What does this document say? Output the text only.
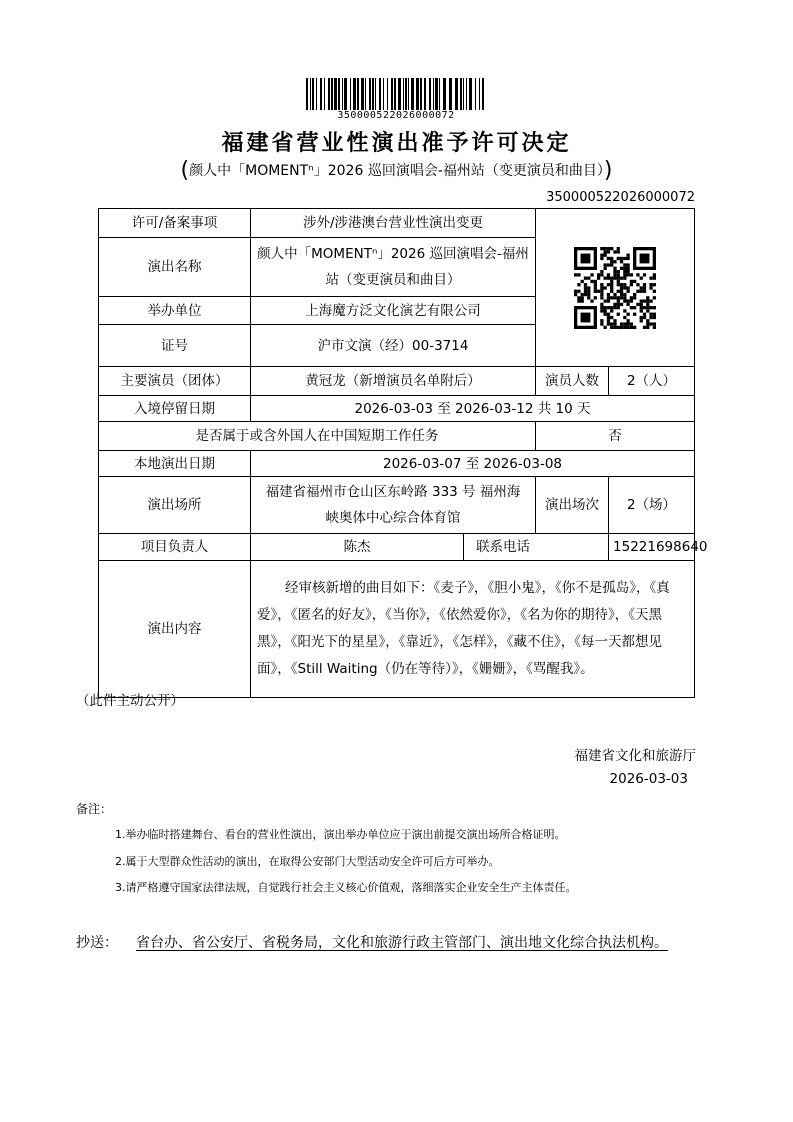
350000522026000072
福建省营业性演出准予许可决定
(颜人中「MOMENTⁿ」2026 巡回演唱会-福州站（变更演员和曲目）)
350000522026000072
许可/备案事项	涉外/涉港澳台营业性演出变更	

演出名称	颜人中「MOMENTⁿ」2026 巡回演唱会-福州站（变更演员和曲目）			
举办单位	上海魔方泛文化演艺有限公司			
证号	沪市文演（经）00-3714			
主要演员（团体）	黄冠龙（新增演员名单附后）		演员人数	2（人）
入境停留日期	2026-03-03 至 2026-03-12 共 10 天			
是否属于或含外国人在中国短期工作任务			否	
本地演出日期	2026-03-07 至 2026-03-08			
演出场所	福建省福州市仓山区东岭路 333 号 福州海峡奥体中心综合体育馆		演出场次	2（场）
项目负责人	陈杰	联系电话		15221698640
演出内容	经审核新增的曲目如下：《麦子》，《胆小鬼》，《你不是孤岛》，《真爱》，《匿名的好友》，《当你》，《依然爱你》，《名为你的期待》，《天黑黑》，《阳光下的星星》，《靠近》，《怎样》，《藏不住》，《每一天都想见面》，《Still Waiting（仍在等待）》，《姗姗》，《骂醒我》。			
（此件主动公开）
福建省文化和旅游厅
2026-03-03
备注：
1.举办临时搭建舞台、看台的营业性演出，演出举办单位应于演出前提交演出场所合格证明。
2.属于大型群众性活动的演出，在取得公安部门大型活动安全许可后方可举办。
3.请严格遵守国家法律法规，自觉践行社会主义核心价值观，落细落实企业安全生产主体责任。
抄送： 省台办、省公安厅、省税务局，文化和旅游行政主管部门、演出地文化综合执法机构。
